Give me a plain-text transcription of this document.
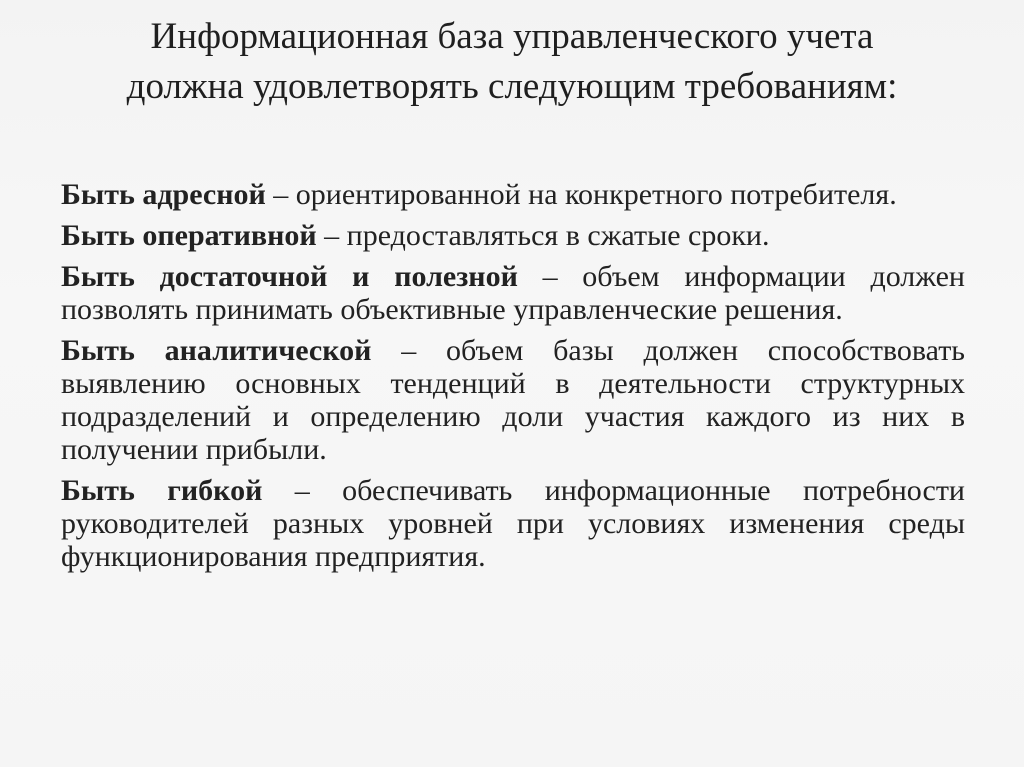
Информационная база управленческого учета
должна удовлетворять следующим требованиям:

Быть адресной – ориентированной на конкретного потребителя.

Быть оперативной – предоставляться в сжатые сроки.

Быть достаточной и полезной – объем информации должен позволять принимать объективные управленческие решения.

Быть аналитической – объем базы должен способствовать выявлению основных тенденций в деятельности структурных подразделений и определению доли участия каждого из них в получении прибыли.

Быть гибкой – обеспечивать информационные потребности руководителей разных уровней при условиях изменения среды функционирования предприятия.
